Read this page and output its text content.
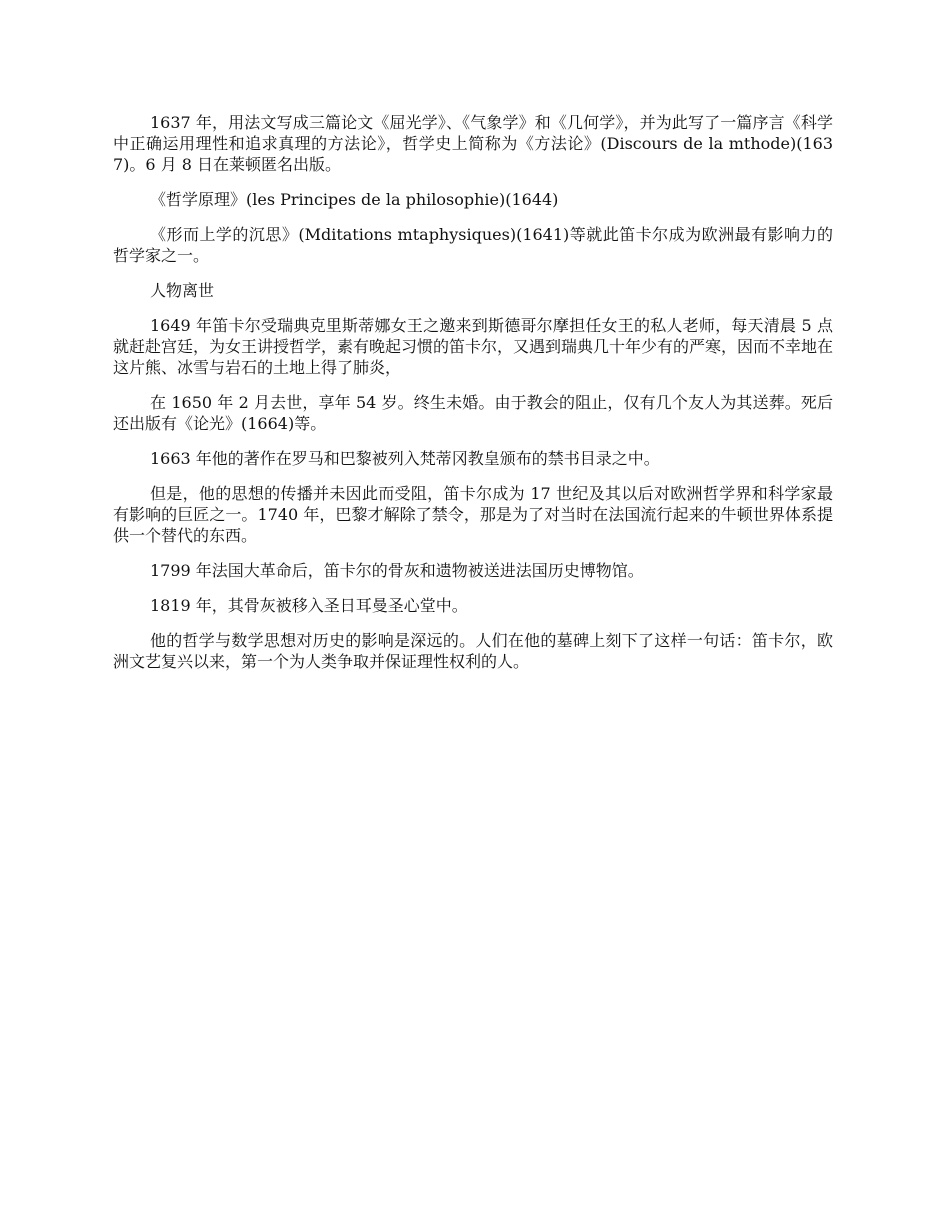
1637 年，用法文写成三篇论文《屈光学》、《气象学》和《几何学》，并为此写了一篇序言《科学中正确运用理性和追求真理的方法论》，哲学史上简称为《方法论》(Discours de la mthode)(1637)。6 月 8 日在莱顿匿名出版。

《哲学原理》(les Principes de la philosophie)(1644)

《形而上学的沉思》(Mditations mtaphysiques)(1641)等就此笛卡尔成为欧洲最有影响力的哲学家之一。

人物离世

1649 年笛卡尔受瑞典克里斯蒂娜女王之邀来到斯德哥尔摩担任女王的私人老师，每天清晨 5 点就赶赴宫廷，为女王讲授哲学，素有晚起习惯的笛卡尔，又遇到瑞典几十年少有的严寒，因而不幸地在这片熊、冰雪与岩石的土地上得了肺炎，

在 1650 年 2 月去世，享年 54 岁。终生未婚。由于教会的阻止，仅有几个友人为其送葬。死后还出版有《论光》(1664)等。

1663 年他的著作在罗马和巴黎被列入梵蒂冈教皇颁布的禁书目录之中。

但是，他的思想的传播并未因此而受阻，笛卡尔成为 17 世纪及其以后对欧洲哲学界和科学家最有影响的巨匠之一。1740 年，巴黎才解除了禁令，那是为了对当时在法国流行起来的牛顿世界体系提供一个替代的东西。

1799 年法国大革命后，笛卡尔的骨灰和遗物被送进法国历史博物馆。

1819 年，其骨灰被移入圣日耳曼圣心堂中。

他的哲学与数学思想对历史的影响是深远的。人们在他的墓碑上刻下了这样一句话：笛卡尔，欧洲文艺复兴以来，第一个为人类争取并保证理性权利的人。
